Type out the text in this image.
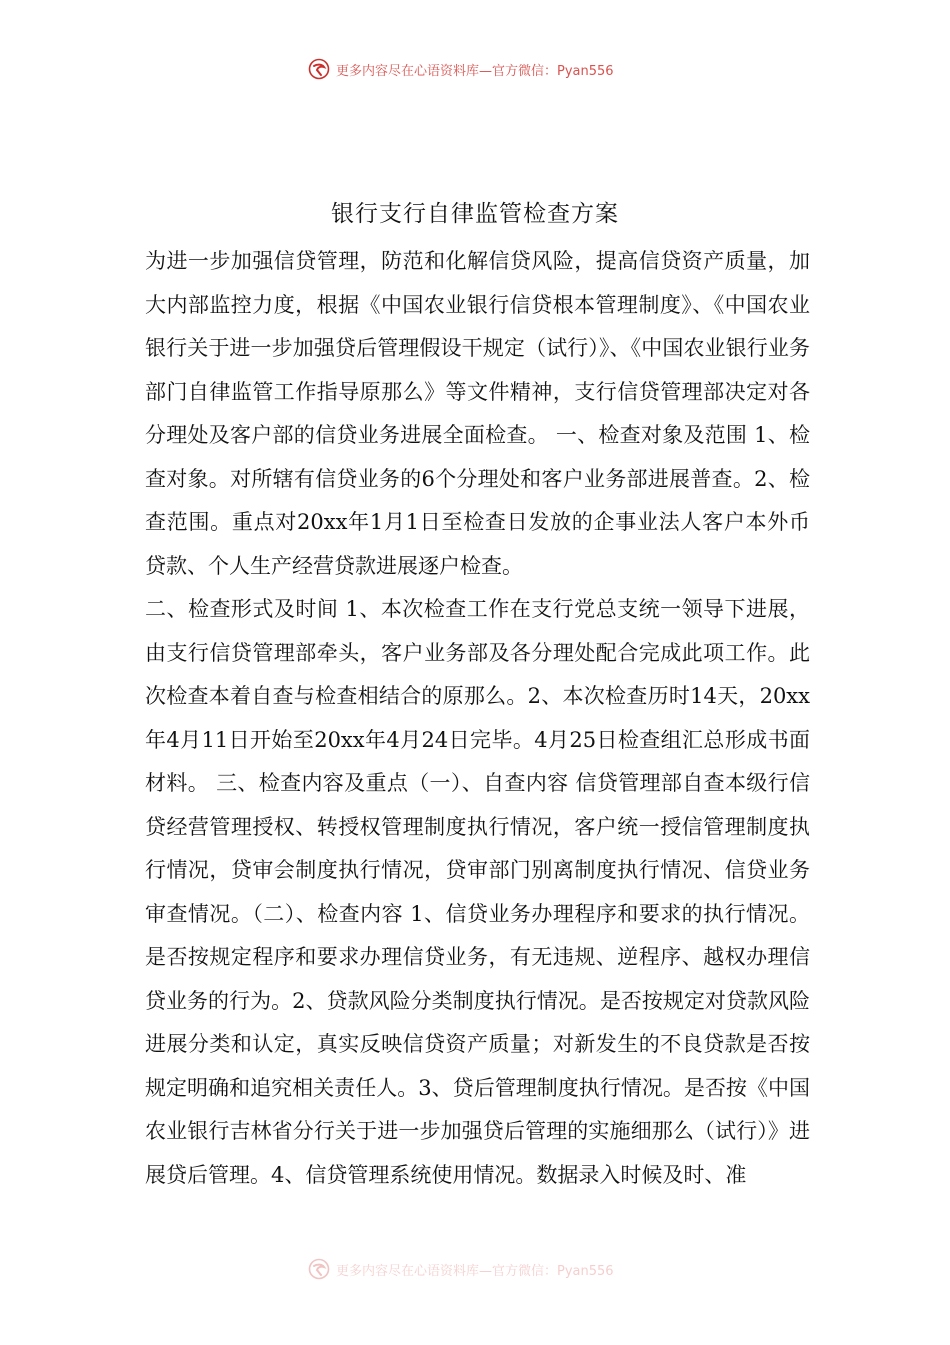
更多内容尽在心语资料库—官方微信：Pyan556
银行支行自律监管检查方案

为进一步加强信贷管理，防范和化解信贷风险，提高信贷资产质量，加大内部监控力度，根据《中国农业银行信贷根本管理制度》、《中国农业银行关于进一步加强贷后管理假设干规定（试行）》、《中国农业银行业务部门自律监管工作指导原那么》等文件精神，支行信贷管理部决定对各分理处及客户部的信贷业务进展全面检查。 一、检查对象及范围 1、检查对象。对所辖有信贷业务的6个分理处和客户业务部进展普查。2、检查范围。重点对20xx年1月1日至检查日发放的企事业法人客户本外币贷款、个人生产经营贷款进展逐户检查。

二、检查形式及时间 1、本次检查工作在支行党总支统一领导下进展，由支行信贷管理部牵头，客户业务部及各分理处配合完成此项工作。此次检查本着自查与检查相结合的原那么。2、本次检查历时14天，20xx年4月11日开始至20xx年4月24日完毕。4月25日检查组汇总形成书面材料。 三、检查内容及重点（一）、自查内容 信贷管理部自查本级行信贷经营管理授权、转授权管理制度执行情况，客户统一授信管理制度执行情况，贷审会制度执行情况，贷审部门别离制度执行情况、信贷业务审查情况。（二）、检查内容 1、信贷业务办理程序和要求的执行情况。是否按规定程序和要求办理信贷业务，有无违规、逆程序、越权办理信贷业务的行为。2、贷款风险分类制度执行情况。是否按规定对贷款风险进展分类和认定，真实反映信贷资产质量；对新发生的不良贷款是否按规定明确和追究相关责任人。3、贷后管理制度执行情况。是否按《中国农业银行吉林省分行关于进一步加强贷后管理的实施细那么（试行）》进展贷后管理。4、信贷管理系统使用情况。数据录入时候及时、准

更多内容尽在心语资料库—官方微信：Pyan556
